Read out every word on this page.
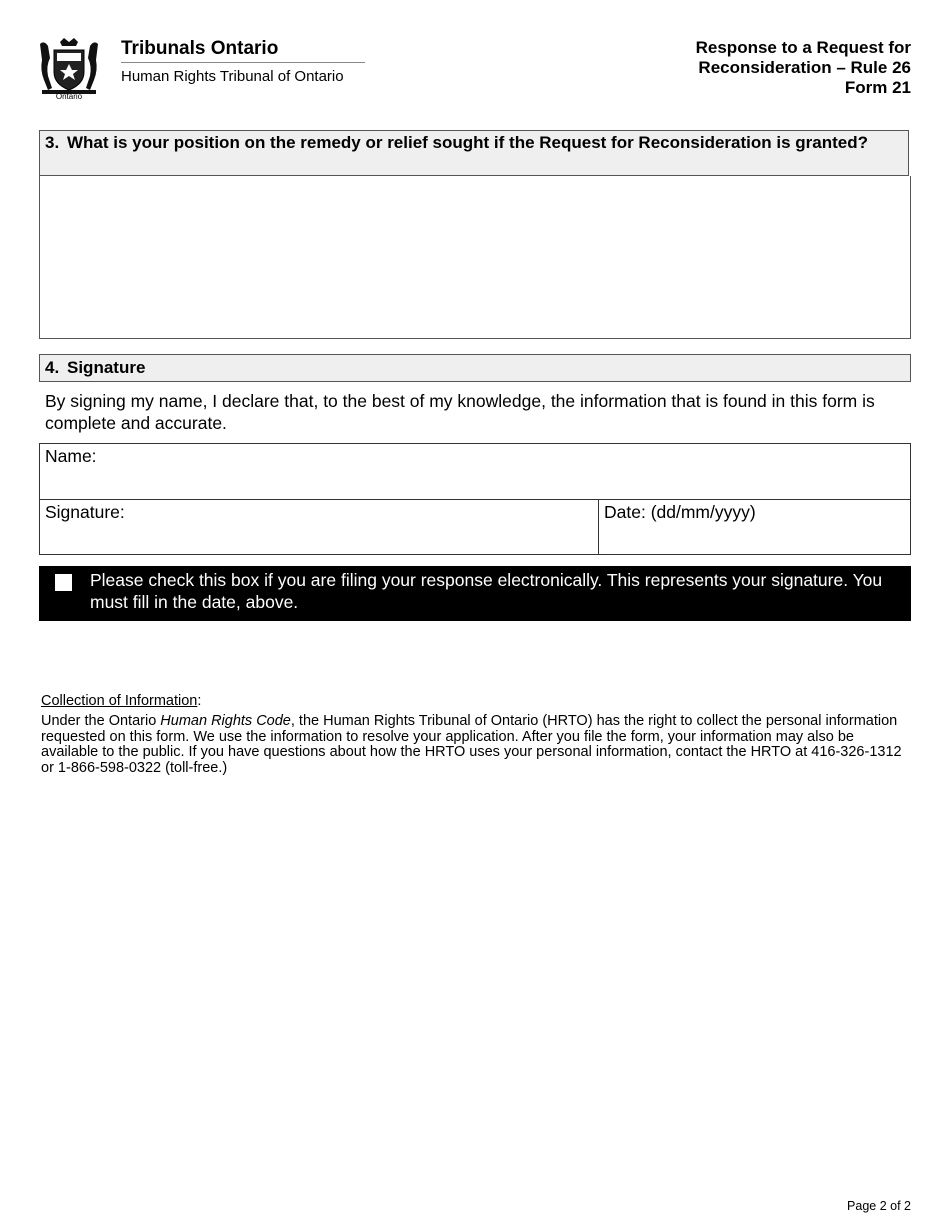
Ontario
Tribunals Ontario
Human Rights Tribunal of Ontario
Response to a Request for
Reconsideration – Rule 26
Form 21
3. What is your position on the remedy or relief sought if the Request for Reconsideration is granted?
4. Signature
By signing my name, I declare that, to the best of my knowledge, the information that is found in this form is complete and accurate.
Name:
Signature:	Date: (dd/mm/yyyy)
Please check this box if you are filing your response electronically. This represents your signature. You must fill in the date, above.
Collection of Information:
Under the Ontario Human Rights Code, the Human Rights Tribunal of Ontario (HRTO) has the right to collect the personal information requested on this form. We use the information to resolve your application. After you file the form, your information may also be available to the public. If you have questions about how the HRTO uses your personal information, contact the HRTO at 416-326-1312 or 1-866-598-0322 (toll-free.)
Page 2 of 2
